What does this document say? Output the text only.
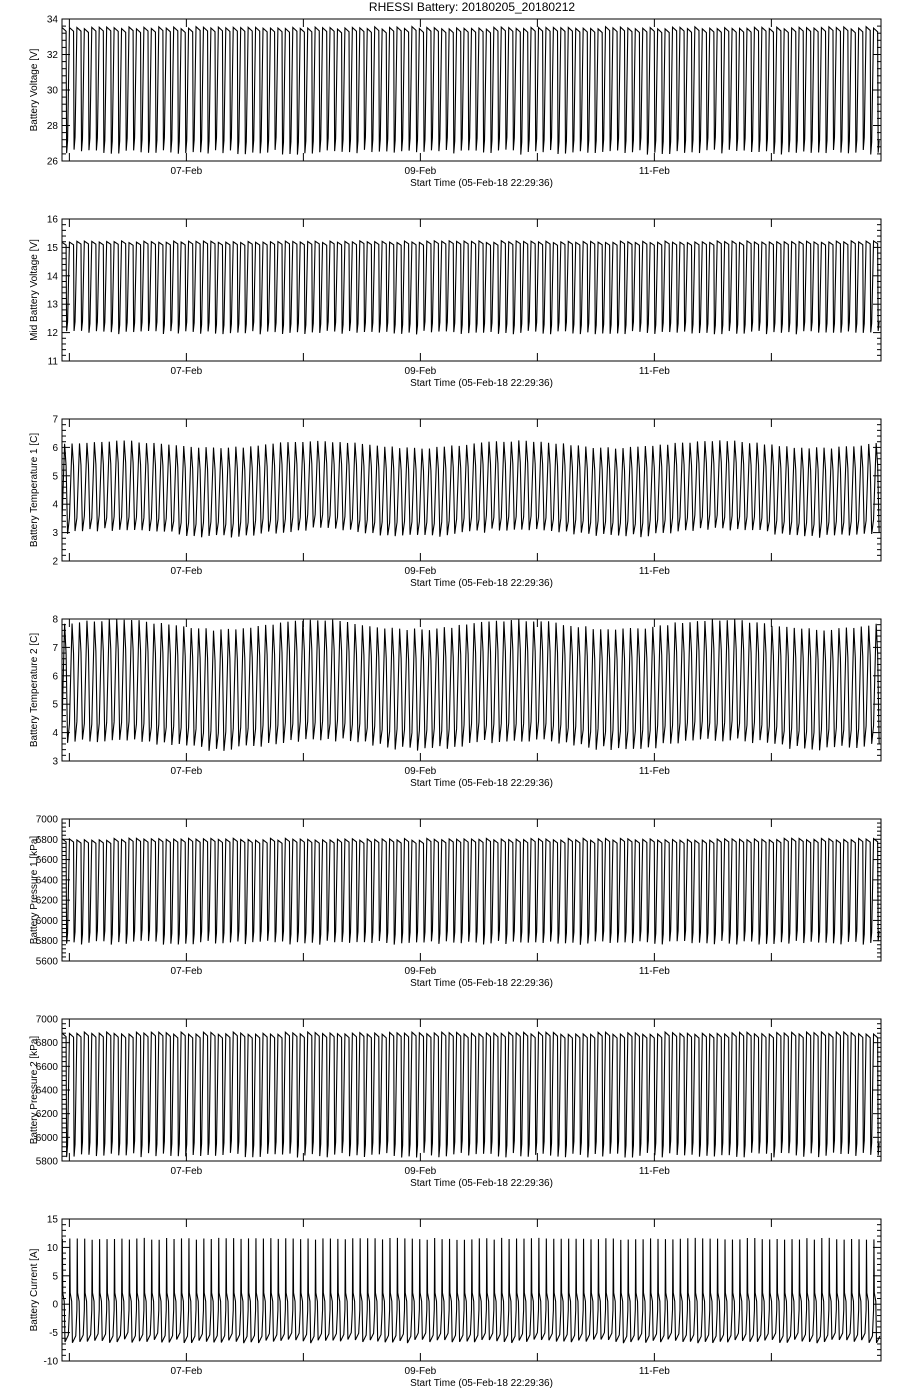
RHESSI Battery: 20180205_20180212
26
28
30
32
34
07-Feb	09-Feb	11-Feb
Start Time (05-Feb-18 22:29:36)
Battery Voltage [V]
11
12
13
14
15
16
07-Feb	09-Feb	11-Feb
Start Time (05-Feb-18 22:29:36)
Mid Battery Voltage [V]
2
3
4
5
6
7
07-Feb	09-Feb	11-Feb
Start Time (05-Feb-18 22:29:36)
Battery Temperature 1 [C]
3
4
5
6
7
8
07-Feb	09-Feb	11-Feb
Start Time (05-Feb-18 22:29:36)
Battery Temperature 2 [C]
5600
5800
6000
6200
6400
6600
6800
7000
07-Feb	09-Feb	11-Feb
Start Time (05-Feb-18 22:29:36)
Battery Pressure 1 [kPa]
5800
6000
6200
6400
6600
6800
7000
07-Feb	09-Feb	11-Feb
Start Time (05-Feb-18 22:29:36)
Battery Pressure 2 [kPa]
-10
-5
0
5
10
15
07-Feb	09-Feb	11-Feb
Start Time (05-Feb-18 22:29:36)
Battery Current [A]
